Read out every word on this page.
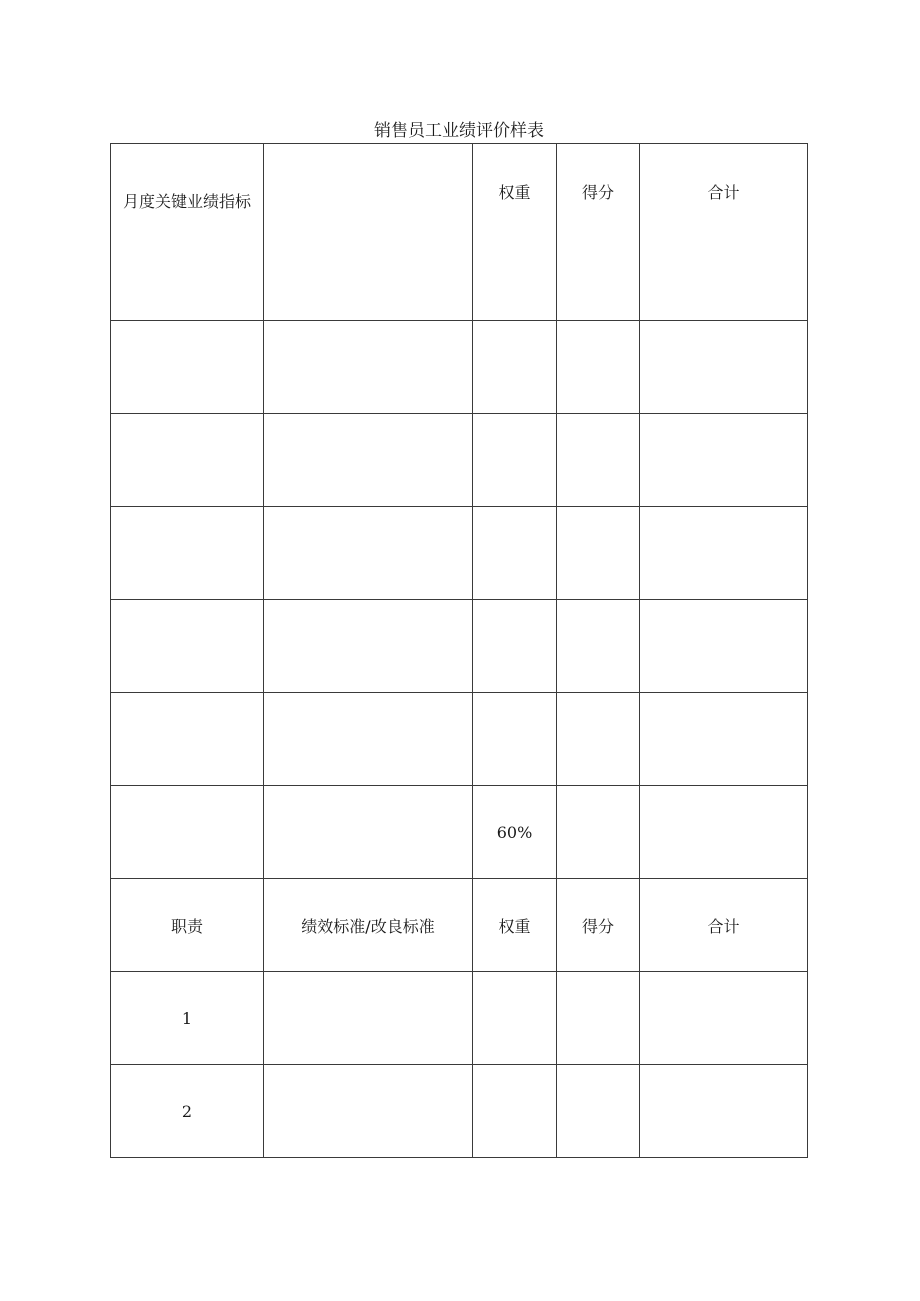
销售员工业绩评价样表
月度关键业绩指标		权重	得分	合计

		60%		
职责	绩效标准/改良标准	权重	得分	合计
1				
2				
